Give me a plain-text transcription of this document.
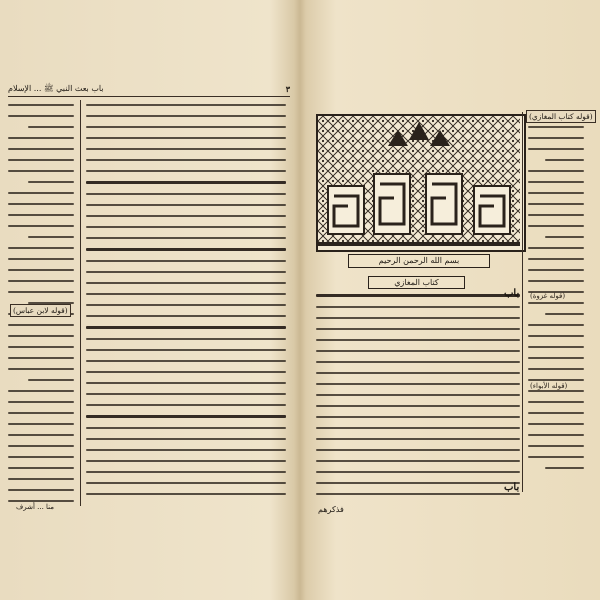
٣
باب بعث النبي ﷺ ... الإسلام
(قوله لابن عباس)
منا ... أشرف
(قوله كتاب المغازي)
(قوله غزوة)
(قوله الأبواء)
بسم الله الرحمن الرحيم
كتاب المغازي
باب
باب
فذكرهم
